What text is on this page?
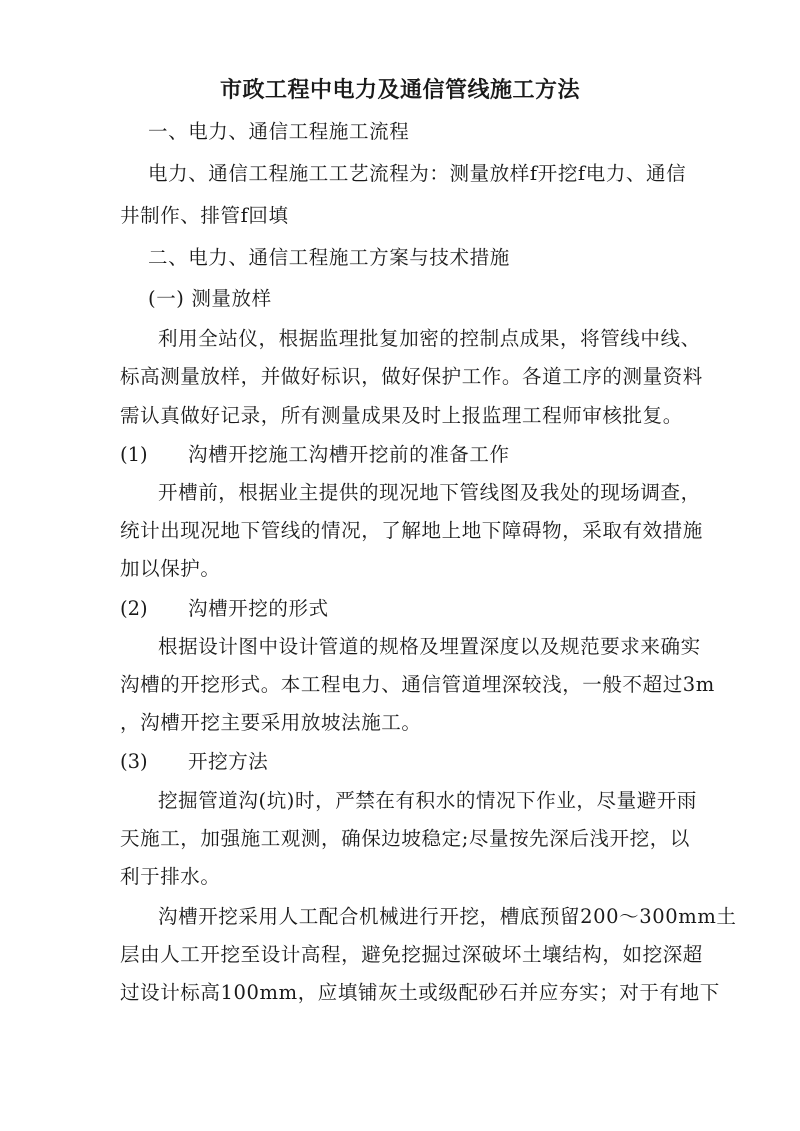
市政工程中电力及通信管线施工方法
一、电力、通信工程施工流程
电力、通信工程施工工艺流程为：测量放样f开挖f电力、通信
井制作、排管f回填
二、电力、通信工程施工方案与技术措施
(一) 测量放样
利用全站仪，根据监理批复加密的控制点成果，将管线中线、
标高测量放样，并做好标识，做好保护工作。各道工序的测量资料
需认真做好记录，所有测量成果及时上报监理工程师审核批复。
(1) 沟槽开挖施工沟槽开挖前的准备工作
开槽前，根据业主提供的现况地下管线图及我处的现场调查，
统计出现况地下管线的情况，了解地上地下障碍物，采取有效措施
加以保护。
(2) 沟槽开挖的形式
根据设计图中设计管道的规格及埋置深度以及规范要求来确实
沟槽的开挖形式。本工程电力、通信管道埋深较浅，一般不超过3m
，沟槽开挖主要采用放坡法施工。
(3) 开挖方法
挖掘管道沟(坑)时，严禁在有积水的情况下作业，尽量避开雨
天施工，加强施工观测，确保边坡稳定;尽量按先深后浅开挖，以
利于排水。
沟槽开挖采用人工配合机械进行开挖，槽底预留200～300mm土
层由人工开挖至设计高程，避免挖掘过深破坏土壤结构，如挖深超
过设计标高100mm，应填铺灰土或级配砂石并应夯实；对于有地下
